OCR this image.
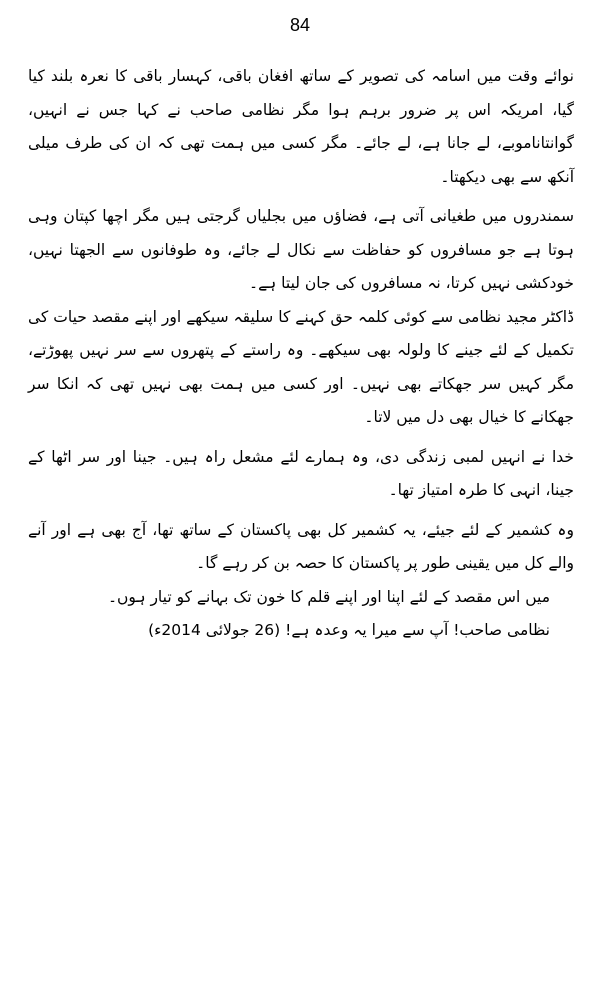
84

نوائے وقت میں اسامہ کی تصویر کے ساتھ افغان باقی، کہسار باقی کا نعرہ بلند کیا گیا، امریکہ اس پر ضرور برہم ہوا مگر نظامی صاحب نے کہا جس نے انہیں، گوانتاناموبے، لے جانا ہے، لے جائے۔ مگر کسی میں ہمت تھی کہ ان کی طرف میلی آنکھ سے بھی دیکھتا۔

سمندروں میں طغیانی آتی ہے، فضاؤں میں بجلیاں گرجتی ہیں مگر اچھا کپتان وہی ہوتا ہے جو مسافروں کو حفاظت سے نکال لے جائے، وہ طوفانوں سے الجھتا نہیں، خودکشی نہیں کرتا، نہ مسافروں کی جان لیتا ہے۔

ڈاکٹر مجید نظامی سے کوئی کلمہ حق کہنے کا سلیقہ سیکھے اور اپنے مقصد حیات کی تکمیل کے لئے جینے کا ولولہ بھی سیکھے۔ وہ راستے کے پتھروں سے سر نہیں پھوڑتے، مگر کہیں سر جھکاتے بھی نہیں۔ اور کسی میں ہمت بھی نہیں تھی کہ انکا سر جھکانے کا خیال بھی دل میں لاتا۔

خدا نے انہیں لمبی زندگی دی، وہ ہمارے لئے مشعل راہ ہیں۔ جینا اور سر اٹھا کے جینا، انہی کا طرہ امتیاز تھا۔

وہ کشمیر کے لئے جیئے، یہ کشمیر کل بھی پاکستان کے ساتھ تھا، آج بھی ہے اور آنے والے کل میں یقینی طور پر پاکستان کا حصہ بن کر رہے گا۔

میں اس مقصد کے لئے اپنا اور اپنے قلم کا خون تک بہانے کو تیار ہوں۔

نظامی صاحب! آپ سے میرا یہ وعدہ ہے! (26 جولائی 2014ء)
